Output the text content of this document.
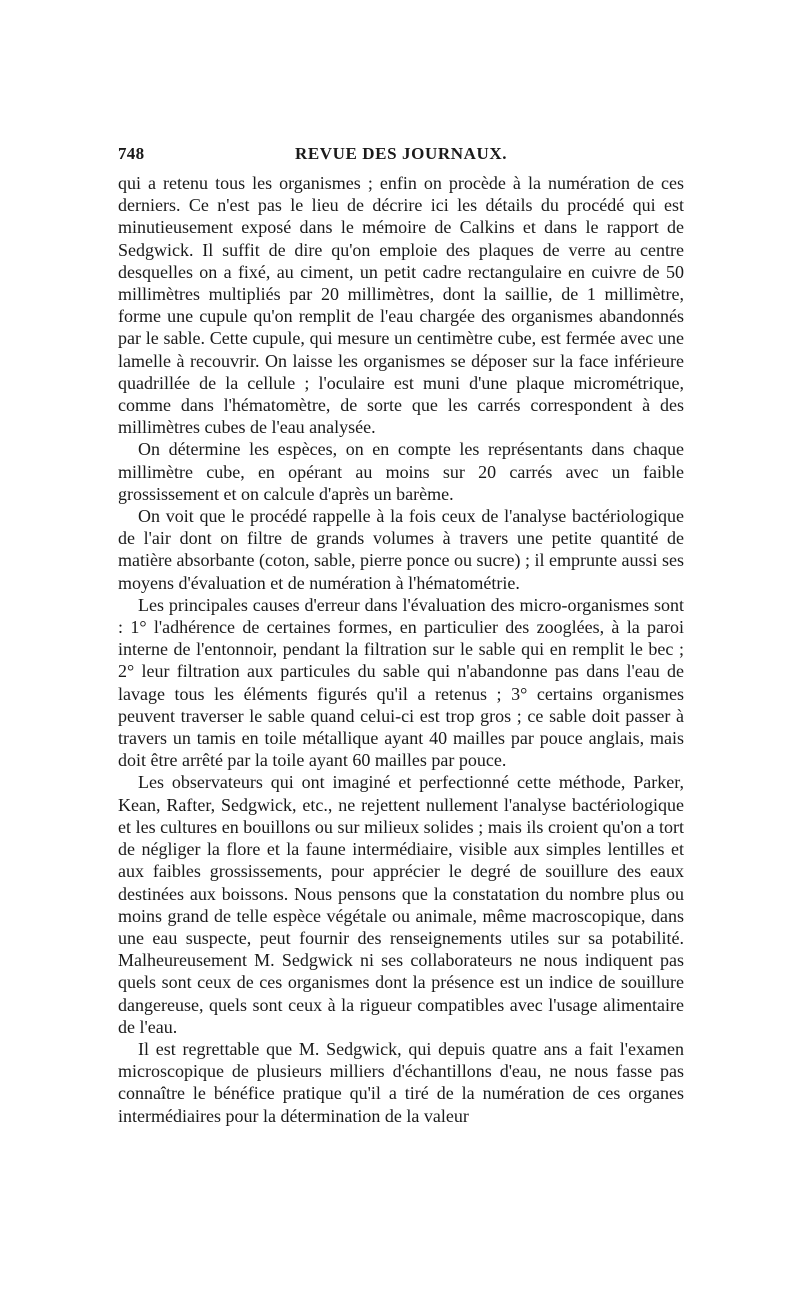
748	REVUE DES JOURNAUX.

qui a retenu tous les organismes ; enfin on procède à la numération de ces derniers. Ce n'est pas le lieu de décrire ici les détails du procédé qui est minutieusement exposé dans le mémoire de Calkins et dans le rapport de Sedgwick. Il suffit de dire qu'on emploie des plaques de verre au centre desquelles on a fixé, au ciment, un petit cadre rectangulaire en cuivre de 50 millimètres multipliés par 20 millimètres, dont la saillie, de 1 millimètre, forme une cupule qu'on remplit de l'eau chargée des organismes abandonnés par le sable. Cette cupule, qui mesure un centimètre cube, est fermée avec une lamelle à recouvrir. On laisse les organismes se déposer sur la face inférieure quadrillée de la cellule ; l'oculaire est muni d'une plaque micrométrique, comme dans l'hématomètre, de sorte que les carrés correspondent à des millimètres cubes de l'eau analysée.

On détermine les espèces, on en compte les représentants dans chaque millimètre cube, en opérant au moins sur 20 carrés avec un faible grossissement et on calcule d'après un barème.

On voit que le procédé rappelle à la fois ceux de l'analyse bactériologique de l'air dont on filtre de grands volumes à travers une petite quantité de matière absorbante (coton, sable, pierre ponce ou sucre) ; il emprunte aussi ses moyens d'évaluation et de numération à l'hématométrie.

Les principales causes d'erreur dans l'évaluation des micro-organismes sont : 1° l'adhérence de certaines formes, en particulier des zooglées, à la paroi interne de l'entonnoir, pendant la filtration sur le sable qui en remplit le bec ; 2° leur filtration aux particules du sable qui n'abandonne pas dans l'eau de lavage tous les éléments figurés qu'il a retenus ; 3° certains organismes peuvent traverser le sable quand celui-ci est trop gros ; ce sable doit passer à travers un tamis en toile métallique ayant 40 mailles par pouce anglais, mais doit être arrêté par la toile ayant 60 mailles par pouce.

Les observateurs qui ont imaginé et perfectionné cette méthode, Parker, Kean, Rafter, Sedgwick, etc., ne rejettent nullement l'analyse bactériologique et les cultures en bouillons ou sur milieux solides ; mais ils croient qu'on a tort de négliger la flore et la faune intermédiaire, visible aux simples lentilles et aux faibles grossissements, pour apprécier le degré de souillure des eaux destinées aux boissons. Nous pensons que la constatation du nombre plus ou moins grand de telle espèce végétale ou animale, même macroscopique, dans une eau suspecte, peut fournir des renseignements utiles sur sa potabilité. Malheureusement M. Sedgwick ni ses collaborateurs ne nous indiquent pas quels sont ceux de ces organismes dont la présence est un indice de souillure dangereuse, quels sont ceux à la rigueur compatibles avec l'usage alimentaire de l'eau.

Il est regrettable que M. Sedgwick, qui depuis quatre ans a fait l'examen microscopique de plusieurs milliers d'échantillons d'eau, ne nous fasse pas connaître le bénéfice pratique qu'il a tiré de la numération de ces organes intermédiaires pour la détermination de la valeur
